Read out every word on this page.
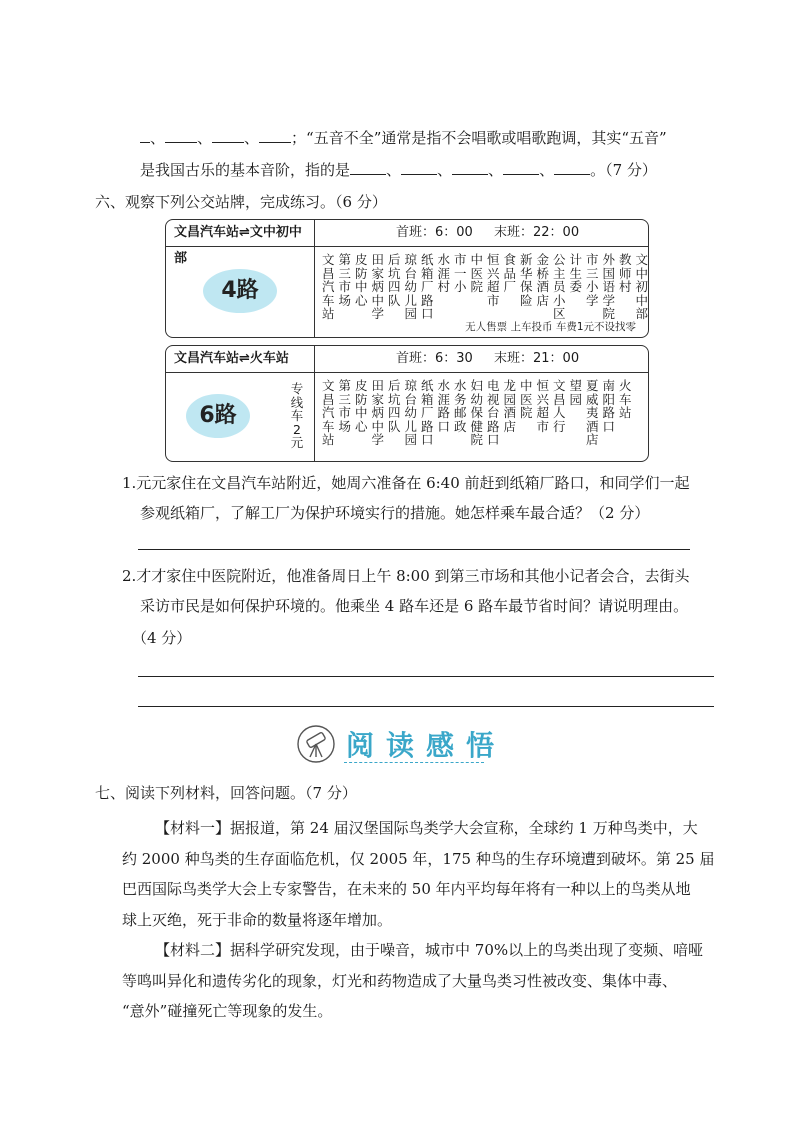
、 、 、 ；“五音不全”通常是指不会唱歌或唱歌跑调，其实“五音”
是我国古乐的基本音阶，指的是 、 、 、 、 。（7 分）
六、观察下列公交站牌，完成练习。（6 分）
文昌汽车站⇌文中初中部
首班：6：00 末班：22：00
4路
文昌汽车站
第三市场
皮防中心
田家炳中学
后坑四队
琼台幼儿园
纸箱厂路口
水涯村
市一小
中医院
恒兴超市
食品厂
新华保险
金桥酒店
公主员小区
计生委
市三小学
外国语学院
教师村
文中初中部
无人售票 上车投币 车费1元不设找零
文昌汽车站⇌火车站	首班：6：30 末班：21：00
6路
专线车2元
文昌汽车站
第三市场
皮防中心
田家炳中学
后坑四队
琼台幼儿园
纸箱厂路口
水涯路口
水务邮政
妇幼保健院
电视台路口
龙园酒店
中医院
恒兴超市
文昌人行
望园
夏威夷酒店
南阳路口
火车站
1.元元家住在文昌汽车站附近，她周六准备在 6:40 前赶到纸箱厂路口，和同学们一起
参观纸箱厂，了解工厂为保护环境实行的措施。她怎样乘车最合适？（2 分）
2.才才家住中医院附近，他准备周日上午 8:00 到第三市场和其他小记者会合，去街头
采访市民是如何保护环境的。他乘坐 4 路车还是 6 路车最节省时间？请说明理由。
（4 分）
阅读感悟
七、阅读下列材料，回答问题。（7 分）
【材料一】据报道，第 24 届汉堡国际鸟类学大会宣称，全球约 1 万种鸟类中，大
约 2000 种鸟类的生存面临危机，仅 2005 年，175 种鸟的生存环境遭到破坏。第 25 届
巴西国际鸟类学大会上专家警告，在未来的 50 年内平均每年将有一种以上的鸟类从地
球上灭绝，死于非命的数量将逐年增加。
【材料二】据科学研究发现，由于噪音，城市中 70%以上的鸟类出现了变频、喑哑
等鸣叫异化和遗传劣化的现象，灯光和药物造成了大量鸟类习性被改变、集体中毒、
“意外”碰撞死亡等现象的发生。
